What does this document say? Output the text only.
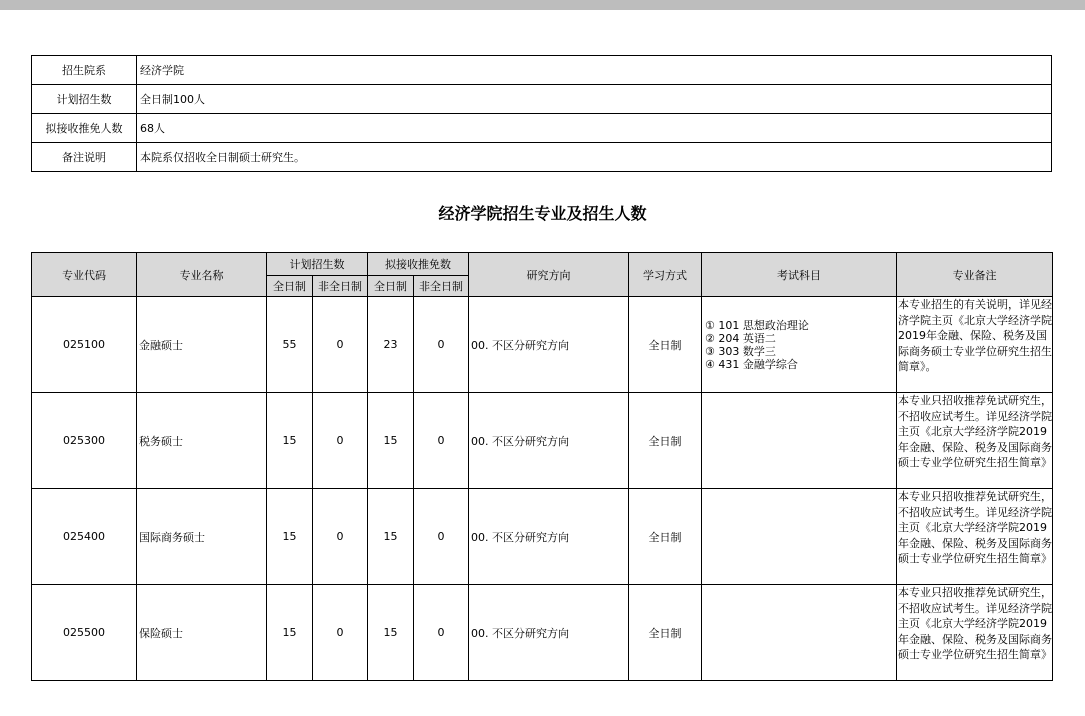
招生院系	经济学院
计划招生数	全日制100人
拟接收推免人数	68人
备注说明	本院系仅招收全日制硕士研究生。
经济学院招生专业及招生人数
专业代码	专业名称	计划招生数		拟接收推免数		研究方向	学习方式	考试科目	专业备注
		全日制	非全日制	全日制	非全日制				
025100	金融硕士	55	0	23	0	00. 不区分研究方向	全日制	① 101 思想政治理论
② 204 英语二
③ 303 数学三
④ 431 金融学综合	本专业招生的有关说明，详见经济学院主页《北京大学经济学院2019年金融、保险、税务及国际商务硕士专业学位研究生招生简章》。
025300	税务硕士	15	0	15	0	00. 不区分研究方向	全日制		本专业只招收推荐免试研究生，不招收应试考生。详见经济学院主页《北京大学经济学院2019年金融、保险、税务及国际商务硕士专业学位研究生招生简章》
025400	国际商务硕士	15	0	15	0	00. 不区分研究方向	全日制		本专业只招收推荐免试研究生，不招收应试考生。详见经济学院主页《北京大学经济学院2019年金融、保险、税务及国际商务硕士专业学位研究生招生简章》
025500	保险硕士	15	0	15	0	00. 不区分研究方向	全日制		本专业只招收推荐免试研究生，不招收应试考生。详见经济学院主页《北京大学经济学院2019年金融、保险、税务及国际商务硕士专业学位研究生招生简章》
